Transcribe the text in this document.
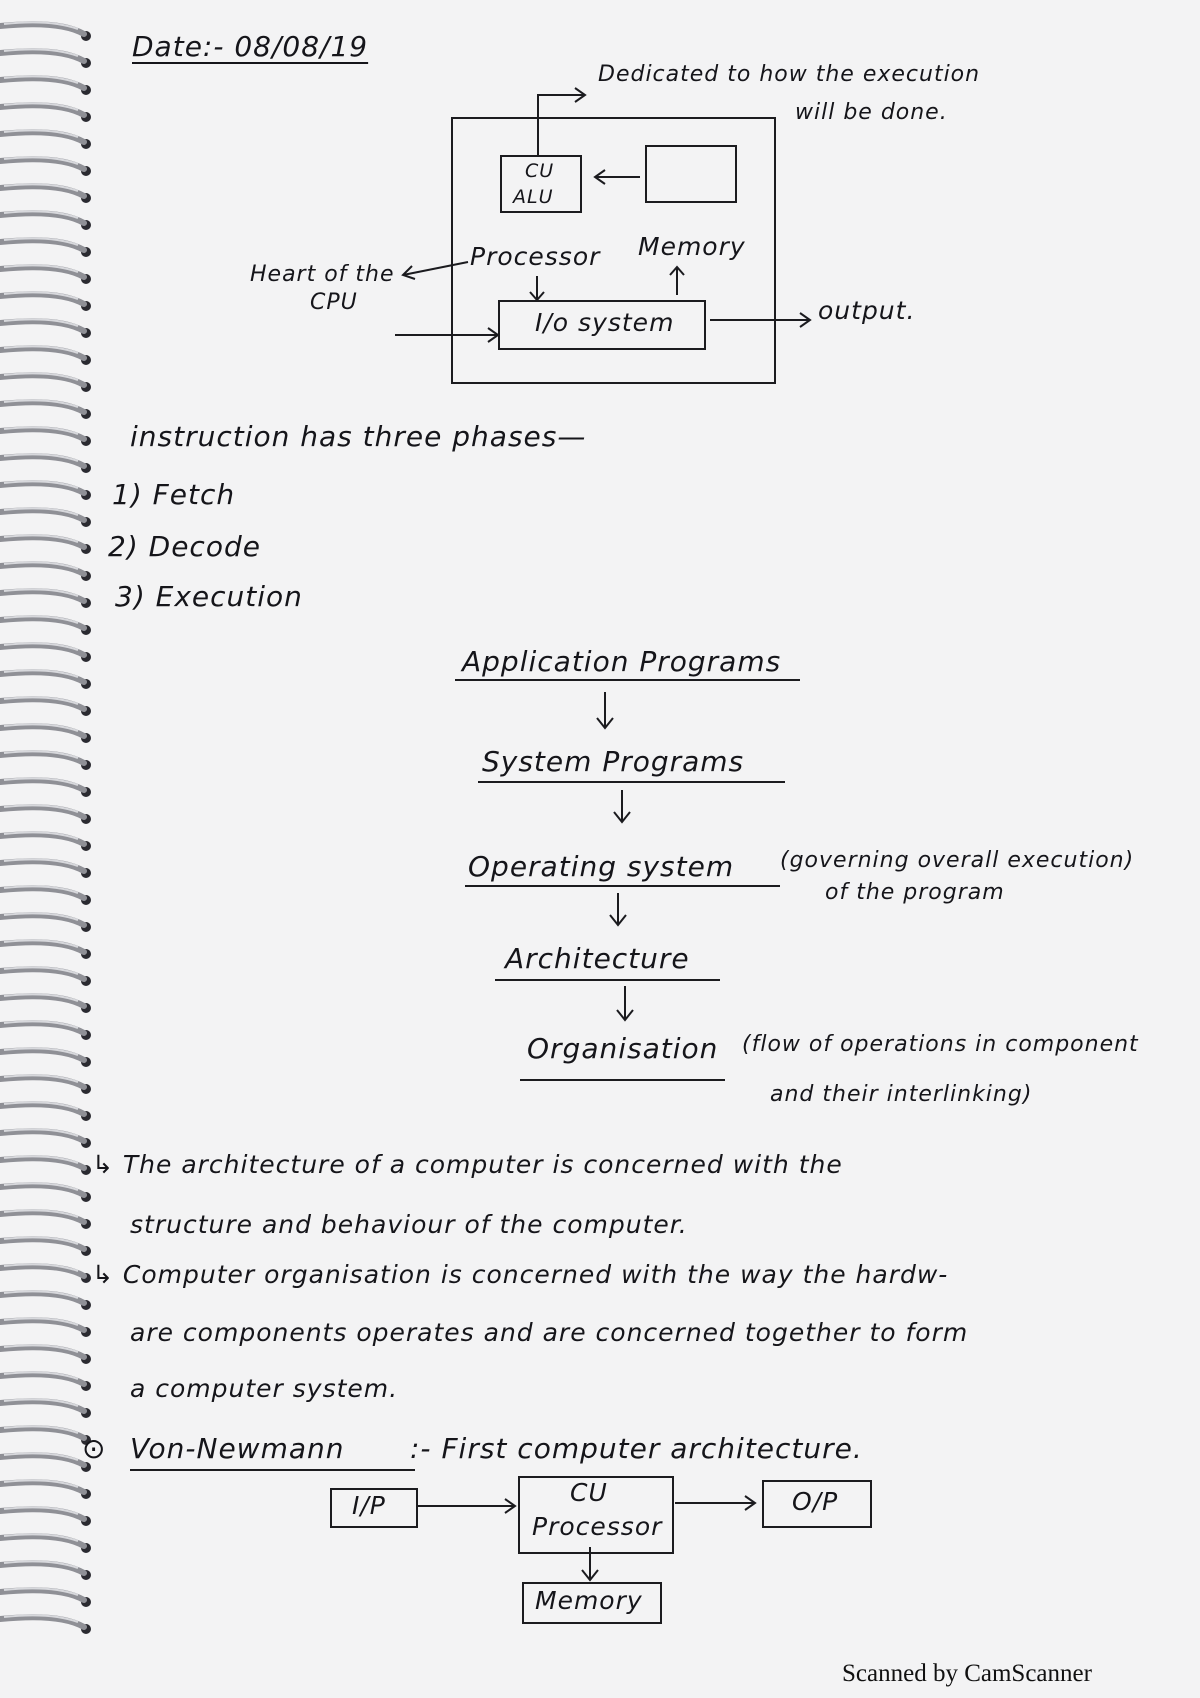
Date:- 08/08/19
Dedicated to how the execution
will be done.
CU
ALU
Heart of the
CPU
Processor Memory
I/o system	output.
instruction has three phases—
1) Fetch
2) Decode
3) Execution
Application Programs
System Programs
Operating system (governing overall execution)
of the program
Architecture
Organisation (flow of operations in component
and their interlinking)
↳ The architecture of a computer is concerned with the
structure and behaviour of the computer.
↳ Computer organisation is concerned with the way the hardw-
are components operates and are concerned together to form
a computer system.
⊙ Von-Newmann :- First computer architecture.
I/P	CU
Processor
O/P
Memory
Scanned by CamScanner
